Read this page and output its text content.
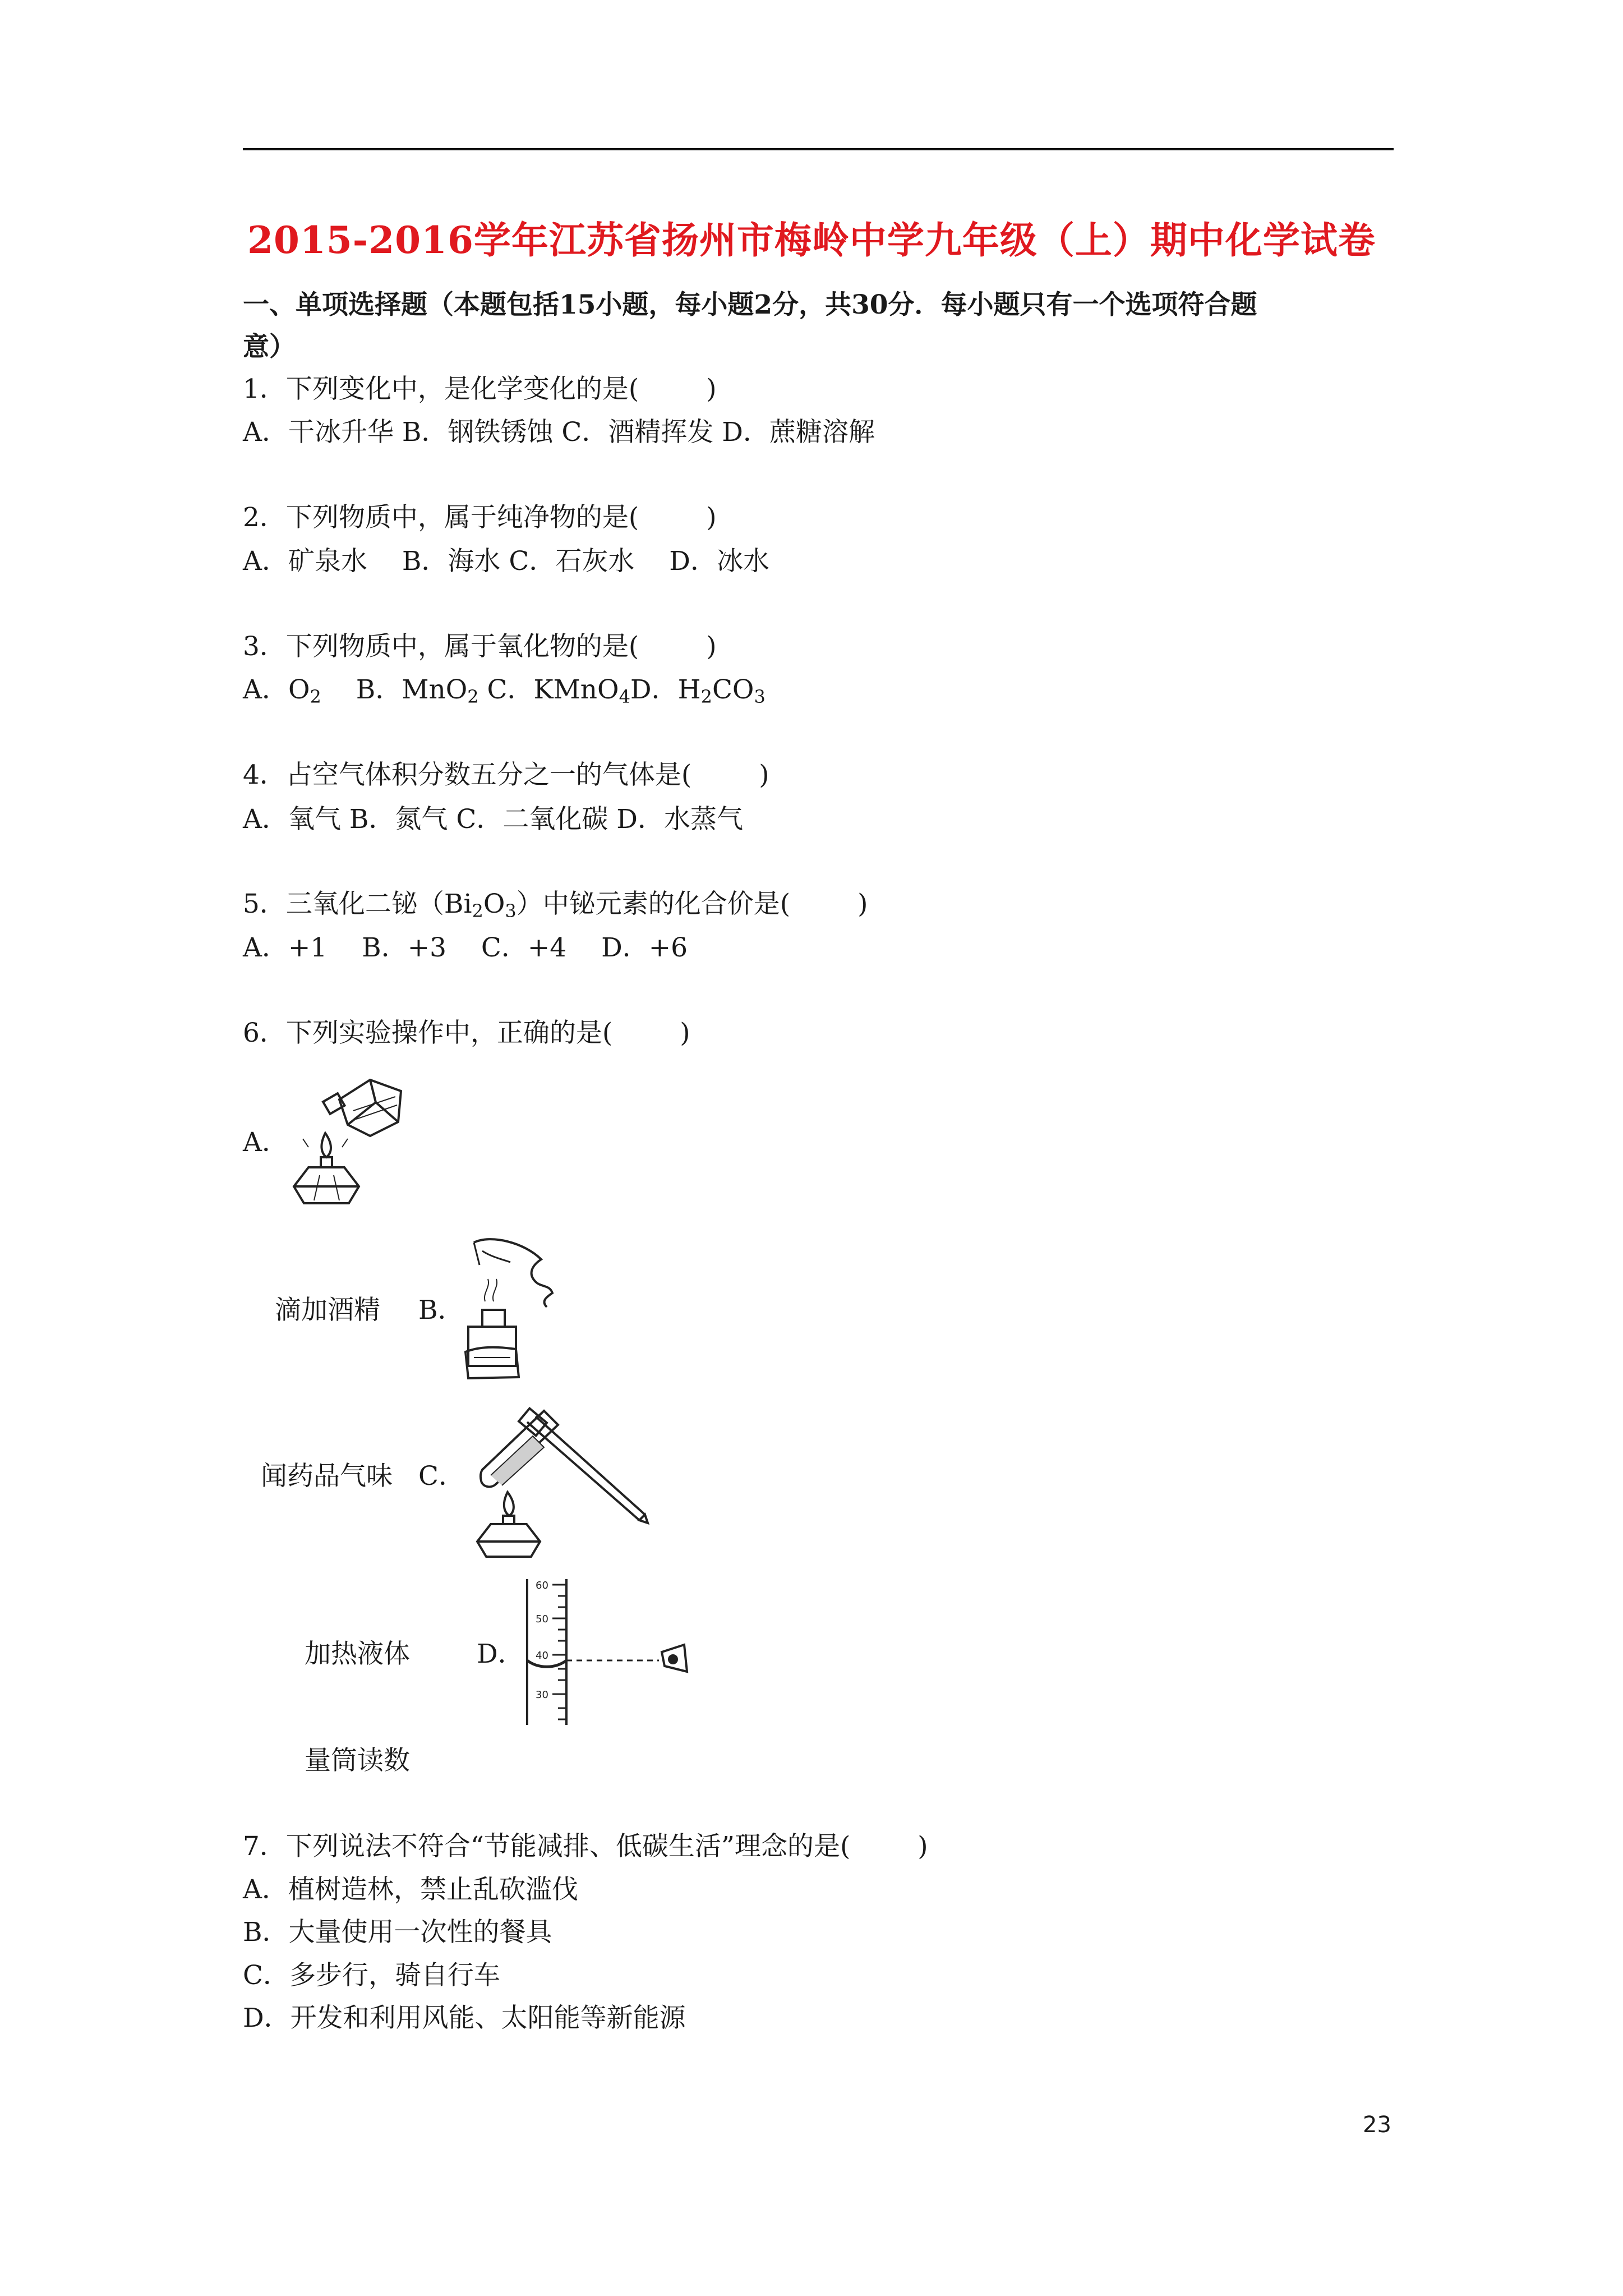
2015-2016学年江苏省扬州市梅岭中学九年级（上）期中化学试卷
一、单项选择题（本题包括15小题，每小题2分，共30分．每小题只有一个选项符合题
意）
1．下列变化中，是化学变化的是(	)
A．干冰升华 B．钢铁锈蚀 C．酒精挥发 D．蔗糖溶解
2．下列物质中，属于纯净物的是(	)
A．矿泉水　 B．海水 C．石灰水　 D．冰水
3．下列物质中，属于氧化物的是(	)
A．$O_2$　 B．MnO$_2$ C．KMnO$_4$D．$H_2CO_3$
4．占空气体积分数五分之一的气体是(	)
A．氧气 B．氮气 C．二氧化碳 D．水蒸气
5．三氧化二铋$(Bi_2O_3)$中铋元素的化合价是(	)
A．+1　 B．+3　 C．+4　 D．+6
6．下列实验操作中，正确的是(	)
A．
滴加酒精 B．
闻药品气味 C．
加热液体	D．
60
50
40
30
量筒读数
7．下列说法不符合“节能减排、低碳生活”理念的是(	)
A．植树造林，禁止乱砍滥伐
B．大量使用一次性的餐具
C．多步行，骑自行车
D．开发和利用风能、太阳能等新能源
23
